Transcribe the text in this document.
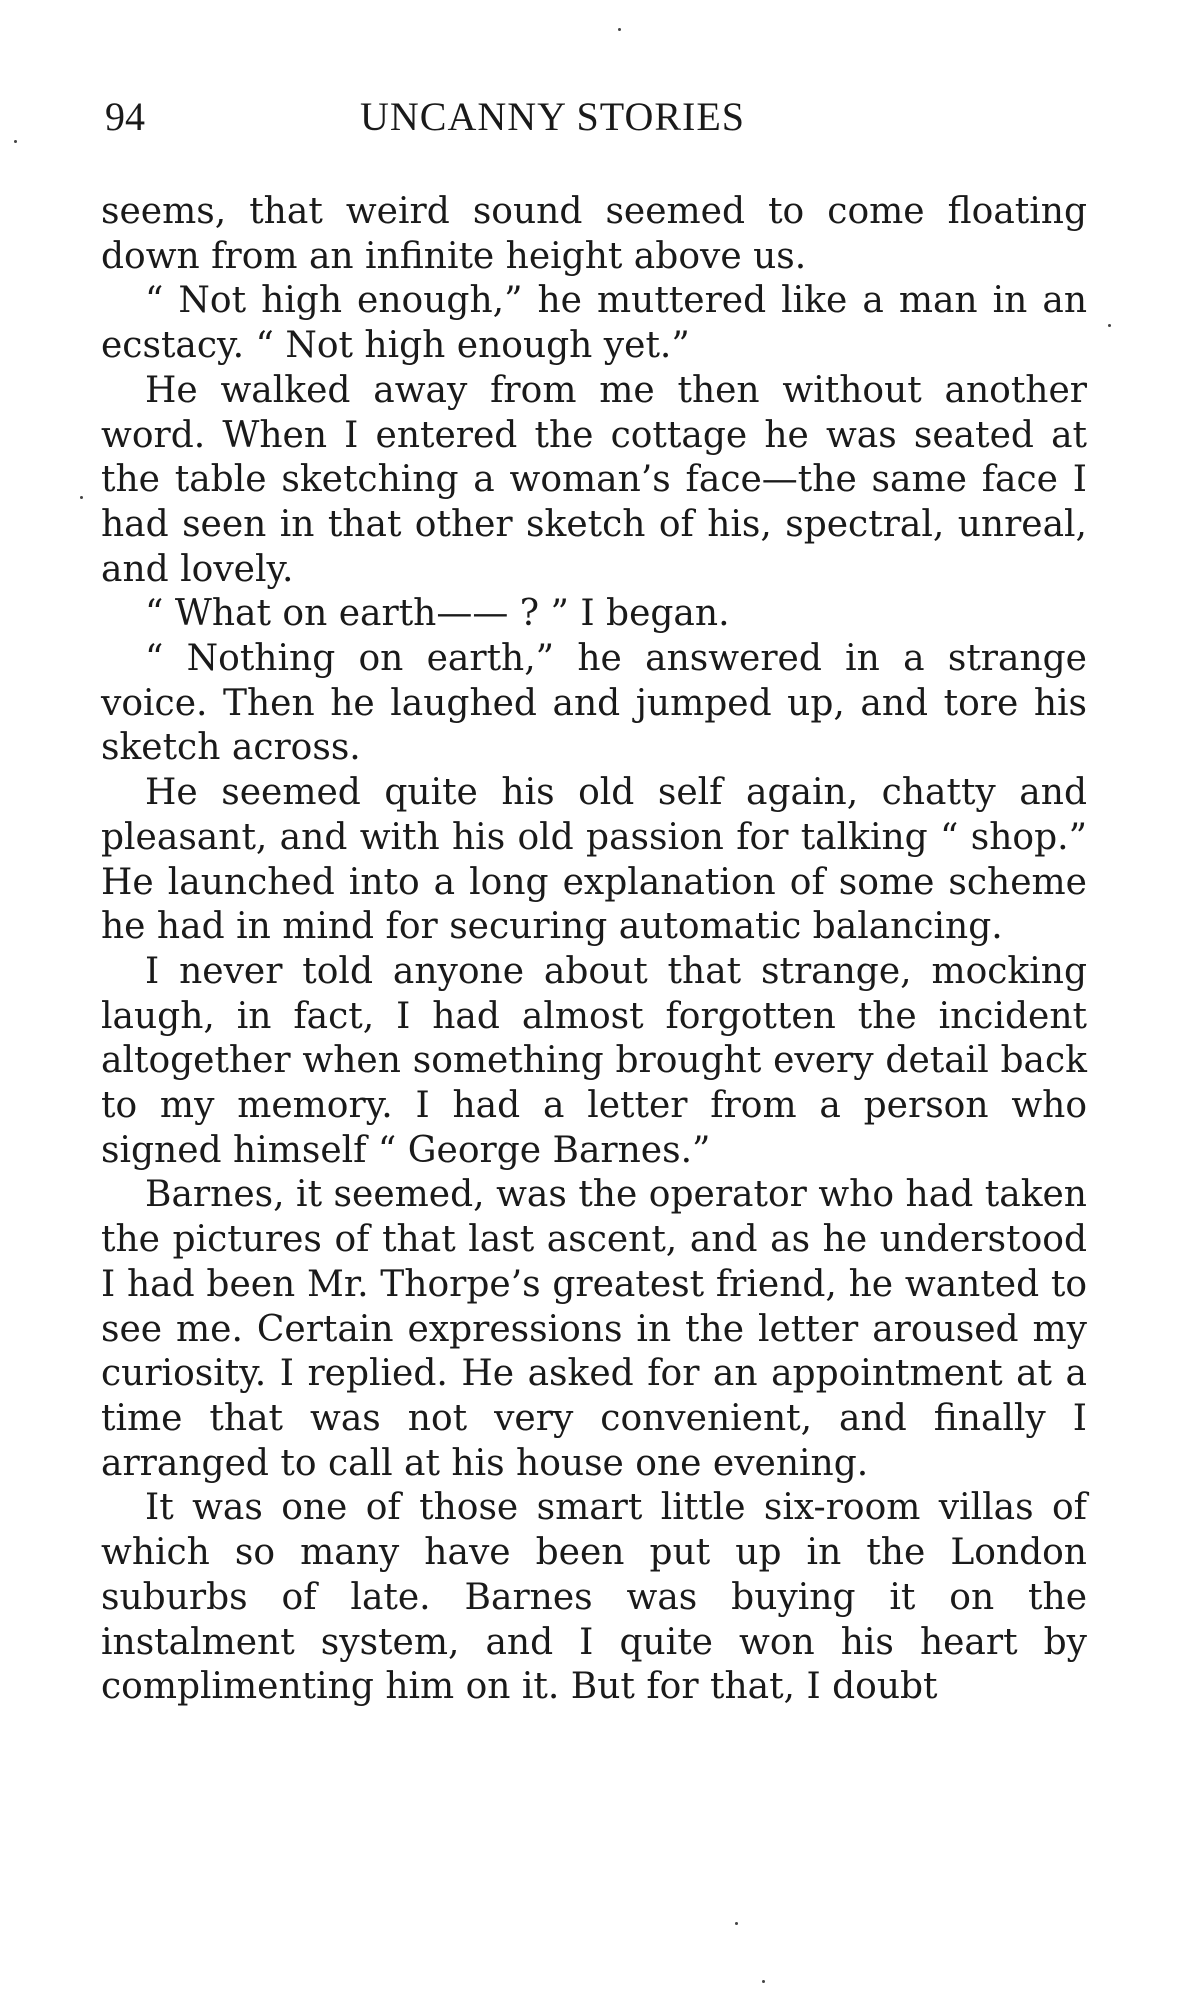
94	UNCANNY STORIES

seems, that weird sound seemed to come floating down from an infinite height above us.

“ Not high enough,” he muttered like a man in an ecstacy. “ Not high enough yet.”

He walked away from me then without another word. When I entered the cottage he was seated at the table sketching a woman’s face—the same face I had seen in that other sketch of his, spectral, unreal, and lovely.

“ What on earth—— ? ” I began.

“ Nothing on earth,” he answered in a strange voice. Then he laughed and jumped up, and tore his sketch across.

He seemed quite his old self again, chatty and pleasant, and with his old passion for talking “ shop.” He launched into a long explanation of some scheme he had in mind for securing automatic balancing.

I never told anyone about that strange, mocking laugh, in fact, I had almost forgotten the incident altogether when something brought every detail back to my memory. I had a letter from a person who signed himself “ George Barnes.”

Barnes, it seemed, was the operator who had taken the pictures of that last ascent, and as he understood I had been Mr. Thorpe’s greatest friend, he wanted to see me. Certain expressions in the letter aroused my curiosity. I replied. He asked for an appointment at a time that was not very convenient, and finally I arranged to call at his house one evening.

It was one of those smart little six-room villas of which so many have been put up in the London suburbs of late. Barnes was buying it on the instalment system, and I quite won his heart by complimenting him on it. But for that, I doubt
